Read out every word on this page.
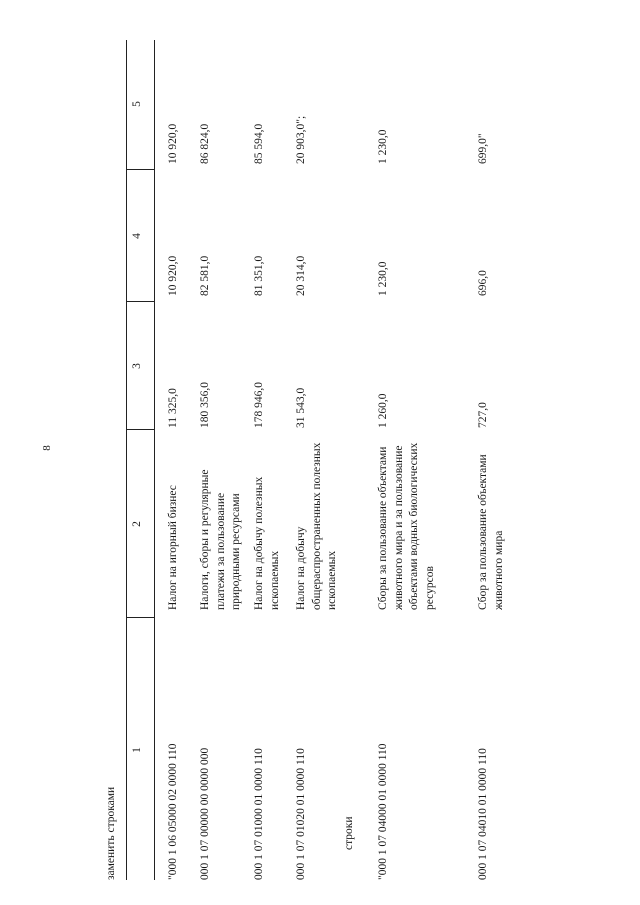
8
заменить строками
1
2
3
4
5
"000 1 06 05000 02 0000 110
Налог на игорный бизнес
11 325,0
10 920,0
10 920,0
000 1 07 00000 00 0000 000
Налоги, сборы и регулярные платежи за пользование природными ресурсами
180 356,0
82 581,0
86 824,0
000 1 07 01000 01 0000 110
Налог на добычу полезных ископаемых
178 946,0
81 351,0
85 594,0
000 1 07 01020 01 0000 110
Налог на добычу общераспространенных полезных ископаемых
31 543,0
20 314,0
20 903,0";
строки "000 1 07 04000 01 0000 110
Сборы за пользование объектами животного мира и за пользование объектами водных биологических ресурсов
1 260,0
1 230,0
1 230,0
000 1 07 04010 01 0000 110
Сбор за пользование объектами животного мира
727,0
696,0
699,0"
